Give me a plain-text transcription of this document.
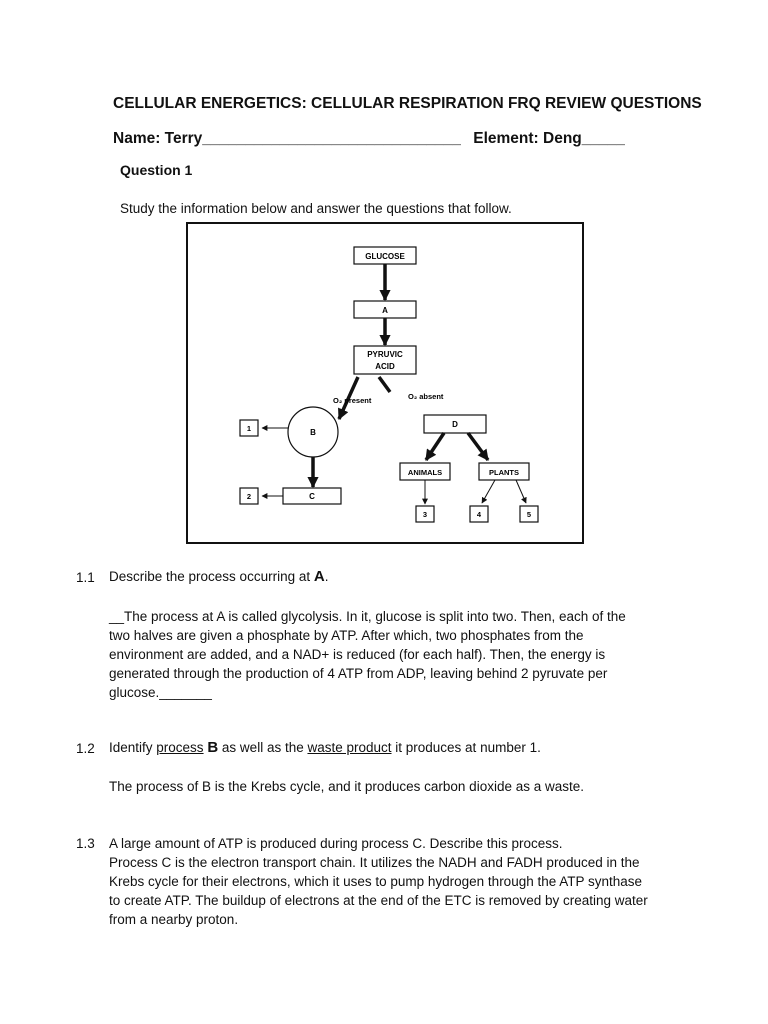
CELLULAR ENERGETICS: CELLULAR RESPIRATION FRQ REVIEW QUESTIONS
Name: Terry______________________________ Element: Deng_____
Question 1
Study the information below and answer the questions that follow.
GLUCOSE
A
PYRUVIC
ACID
O₂ present	O₂ absent
B
1
C
2
D
ANIMALS	PLANTS
3	4	5
1.1 Describe the process occurring at A.
__The process at A is called glycolysis. In it, glucose is split into two. Then, each of the two halves are given a phosphate by ATP. After which, two phosphates from the environment are added, and a NAD+ is reduced (for each half). Then, the energy is generated through the production of 4 ATP from ADP, leaving behind 2 pyruvate per glucose._______
1.2 Identify process B as well as the waste product it produces at number 1.
The process of B is the Krebs cycle, and it produces carbon dioxide as a waste.
1.3 A large amount of ATP is produced during process C. Describe this process.
Process C is the electron transport chain. It utilizes the NADH and FADH produced in the Krebs cycle for their electrons, which it uses to pump hydrogen through the ATP synthase to create ATP. The buildup of electrons at the end of the ETC is removed by creating water from a nearby proton.
